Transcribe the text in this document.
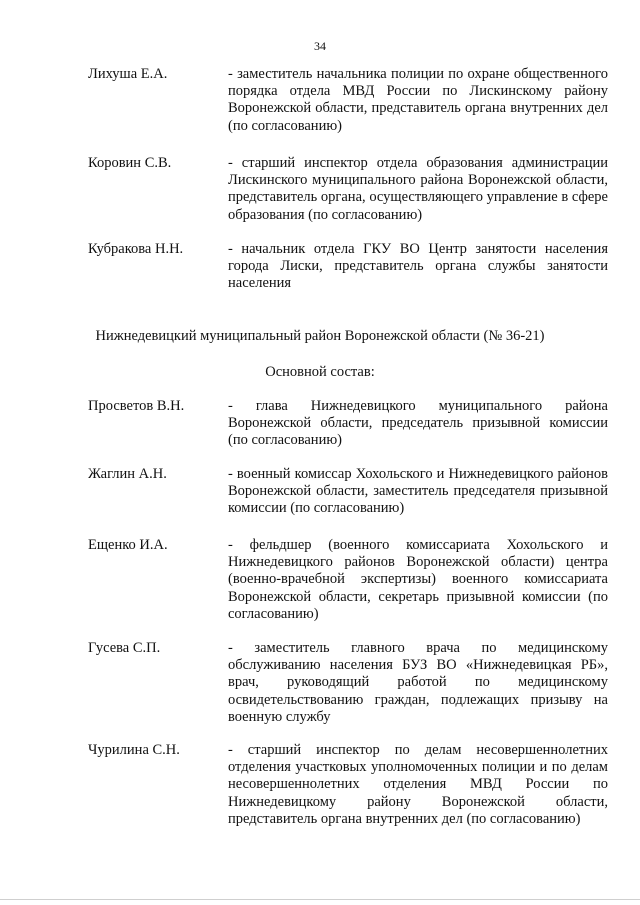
34
Лихуша Е.А.	- заместитель начальника полиции по охране общественного порядка отдела МВД России по Лискинскому району Воронежской области, представитель органа внутренних дел (по согласованию)
Коровин С.В.	- старший инспектор отдела образования администрации Лискинского муниципального района Воронежской области, представитель органа, осуществляющего управление в сфере образования (по согласованию)
Кубракова Н.Н.	- начальник отдела ГКУ ВО Центр занятости населения города Лиски, представитель органа службы занятости населения
Нижнедевицкий муниципальный район Воронежской области (№ 36-21)
Основной состав:
Просветов В.Н.	- глава Нижнедевицкого муниципального района Воронежской области, председатель призывной комиссии (по согласованию)
Жаглин А.Н.	- военный комиссар Хохольского и Нижнедевицкого районов Воронежской области, заместитель председателя призывной комиссии (по согласованию)
Ещенко И.А.	- фельдшер (военного комиссариата Хохольского и Нижнедевицкого районов Воронежской области) центра (военно-врачебной экспертизы) военного комиссариата Воронежской области, секретарь призывной комиссии (по согласованию)
Гусева С.П.	- заместитель главного врача по медицинскому обслуживанию населения БУЗ ВО «Нижнедевицкая РБ», врач, руководящий работой по медицинскому освидетельствованию граждан, подлежащих призыву на военную службу
Чурилина С.Н.	- старший инспектор по делам несовершеннолетних отделения участковых уполномоченных полиции и по делам несовершеннолетних отделения МВД России по Нижнедевицкому району Воронежской области, представитель органа внутренних дел (по согласованию)
